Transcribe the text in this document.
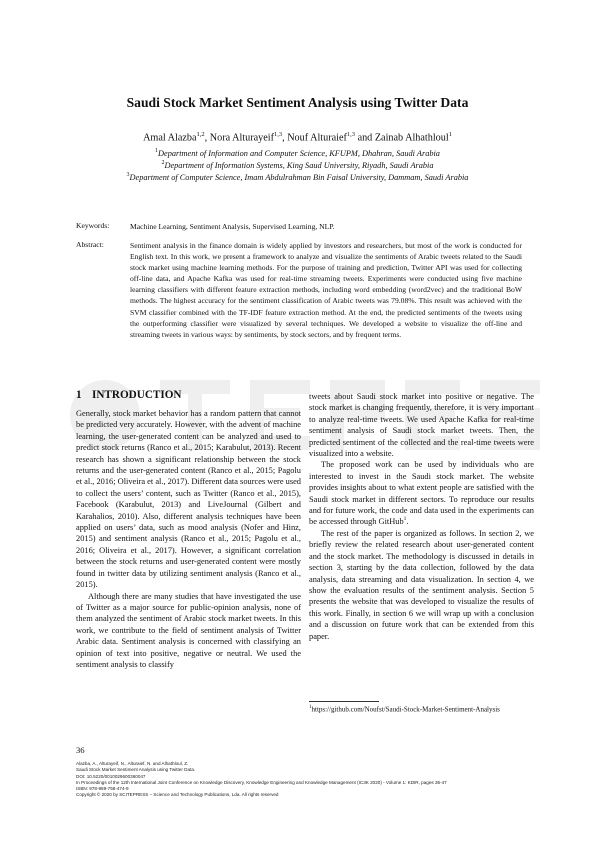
Saudi Stock Market Sentiment Analysis using Twitter Data
Amal Alazba$^{1,2}$, Nora Alturayeif$^{1,3}$, Nouf Alturaief$^{1,3}$ and Zainab Alhathloul$^1$
$^1$Department of Information and Computer Science, KFUPM, Dhahran, Saudi Arabia
$^2$Department of Information Systems, King Saud University, Riyadh, Saudi Arabia
$^3$Department of Computer Science, Imam Abdulrahman Bin Faisal University, Dammam, Saudi Arabia
Keywords:	Machine Learning, Sentiment Analysis, Supervised Learning, NLP.
Abstract:	Sentiment analysis in the finance domain is widely applied by investors and researchers, but most of the work is conducted for English text. In this work, we present a framework to analyze and visualize the sentiments of Arabic tweets related to the Saudi stock market using machine learning methods. For the purpose of training and prediction, Twitter API was used for collecting off-line data, and Apache Kafka was used for real-time streaming tweets. Experiments were conducted using five machine learning classifiers with different feature extraction methods, including word embedding (word2vec) and the traditional BoW methods. The highest accuracy for the sentiment classification of Arabic tweets was 79.08%. This result was achieved with the SVM classifier combined with the TF-IDF feature extraction method. At the end, the predicted sentiments of the tweets using the outperforming classifier were visualized by several techniques. We developed a website to visualize the off-line and streaming tweets in various ways: by sentiments, by stock sectors, and by frequent terms.
1 INTRODUCTION

Generally, stock market behavior has a random pattern that cannot be predicted very accurately. However, with the advent of machine learning, the user-generated content can be analyzed and used to predict stock returns (Ranco et al., 2015; Karabulut, 2013). Recent research has shown a significant relationship between the stock returns and the user-generated content (Ranco et al., 2015; Pagolu et al., 2016; Oliveira et al., 2017). Different data sources were used to collect the users’ content, such as Twitter (Ranco et al., 2015), Facebook (Karabulut, 2013) and LiveJournal (Gilbert and Karahalios, 2010). Also, different analysis techniques have been applied on users’ data, such as mood analysis (Nofer and Hinz, 2015) and sentiment analysis (Ranco et al., 2015; Pagolu et al., 2016; Oliveira et al., 2017). However, a significant correlation between the stock returns and user-generated content were mostly found in twitter data by utilizing sentiment analysis (Ranco et al., 2015).

Although there are many studies that have investigated the use of Twitter as a major source for public-opinion analysis, none of them analyzed the sentiment of Arabic stock market tweets. In this work, we contribute to the field of sentiment analysis of Twitter Arabic data. Sentiment analysis is concerned with classifying an opinion of text into positive, negative or neutral. We used the sentiment analysis to classify

tweets about Saudi stock market into positive or negative. The stock market is changing frequently, therefore, it is very important to analyze real-time tweets. We used Apache Kafka for real-time sentiment analysis of Saudi stock market tweets. Then, the predicted sentiment of the collected and the real-time tweets were visualized into a website.

The proposed work can be used by individuals who are interested to invest in the Saudi stock market. The website provides insights about to what extent people are satisfied with the Saudi stock market in different sectors. To reproduce our results and for future work, the code and data used in the experiments can be accessed through GitHub$^1$.

The rest of the paper is organized as follows. In section 2, we briefly review the related research about user-generated content and the stock market. The methodology is discussed in details in section 3, starting by the data collection, followed by the data analysis, data streaming and data visualization. In section 4, we show the evaluation results of the sentiment analysis. Section 5 presents the website that was developed to visualize the results of this work. Finally, in section 6 we will wrap up with a conclusion and a discussion on future work that can be extended from this paper.

$^1$https://github.com/Noufst/Saudi-Stock-Market-Sentiment-Analysis
36
Alazba, A., Alturayeif, N., Alturaief, N. and Alhathloul, Z.
Saudi Stock Market Sentiment Analysis using Twitter Data.
DOI: 10.5220/0010029600360047
In Proceedings of the 12th International Joint Conference on Knowledge Discovery, Knowledge Engineering and Knowledge Management (IC3K 2020) - Volume 1: KDIR, pages 36-47
ISBN: 978-989-758-474-9
Copyright © 2020 by SCITEPRESS – Science and Technology Publications, Lda. All rights reserved
